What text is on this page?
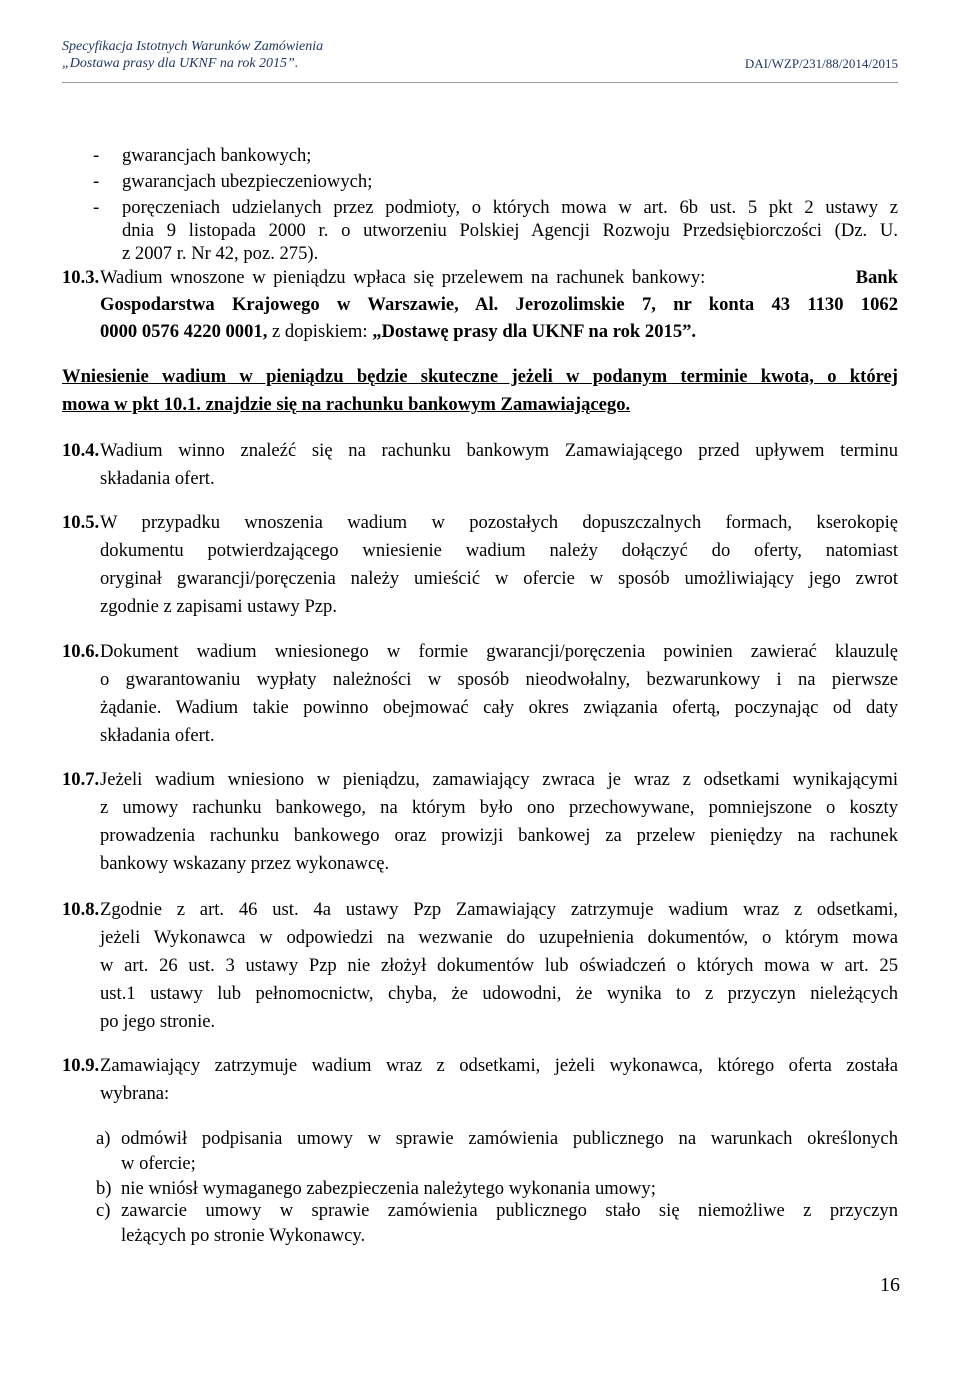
Specyfikacja Istotnych Warunków Zamówienia
„Dostawa prasy dla UKNF na rok 2015”.	DAI/WZP/231/88/2014/2015
-	gwarancjach bankowych;
-	gwarancjach ubezpieczeniowych;
-	poręczeniach udzielanych przez podmioty, o których mowa w art. 6b ust. 5 pkt 2 ustawy z
dnia 9 listopada 2000 r. o utworzeniu Polskiej Agencji Rozwoju Przedsiębiorczości (Dz. U.
z 2007 r. Nr 42, poz. 275).
10.3. Wadium wnoszone w pieniądzu wpłaca się przelewem na rachunek bankowy:	Bank
Gospodarstwa Krajowego w Warszawie, Al. Jerozolimskie 7, nr konta 43 1130 1062
0000 0576 4220 0001, z dopiskiem: „Dostawę prasy dla UKNF na rok 2015”.
Wniesienie wadium w pieniądzu będzie skuteczne jeżeli w podanym terminie kwota, o której
mowa w pkt 10.1. znajdzie się na rachunku bankowym Zamawiającego.
10.4. Wadium winno znaleźć się na rachunku bankowym Zamawiającego przed upływem terminu
składania ofert.
10.5. W przypadku wnoszenia wadium w pozostałych dopuszczalnych formach, kserokopię
dokumentu potwierdzającego wniesienie wadium należy dołączyć do oferty, natomiast
oryginał gwarancji/poręczenia należy umieścić w ofercie w sposób umożliwiający jego zwrot
zgodnie z zapisami ustawy Pzp.
10.6. Dokument wadium wniesionego w formie gwarancji/poręczenia powinien zawierać klauzulę
o gwarantowaniu wypłaty należności w sposób nieodwołalny, bezwarunkowy i na pierwsze
żądanie. Wadium takie powinno obejmować cały okres związania ofertą, poczynając od daty
składania ofert.
10.7. Jeżeli wadium wniesiono w pieniądzu, zamawiający zwraca je wraz z odsetkami wynikającymi
z umowy rachunku bankowego, na którym było ono przechowywane, pomniejszone o koszty
prowadzenia rachunku bankowego oraz prowizji bankowej za przelew pieniędzy na rachunek
bankowy wskazany przez wykonawcę.
10.8. Zgodnie z art. 46 ust. 4a ustawy Pzp Zamawiający zatrzymuje wadium wraz z odsetkami,
jeżeli Wykonawca w odpowiedzi na wezwanie do uzupełnienia dokumentów, o którym mowa
w art. 26 ust. 3 ustawy Pzp nie złożył dokumentów lub oświadczeń o których mowa w art. 25
ust.1 ustawy lub pełnomocnictw, chyba, że udowodni, że wynika to z przyczyn nieleżących
po jego stronie.
10.9. Zamawiający zatrzymuje wadium wraz z odsetkami, jeżeli wykonawca, którego oferta została
wybrana:
a) odmówił podpisania umowy w sprawie zamówienia publicznego na warunkach określonych
w ofercie;
b) nie wniósł wymaganego zabezpieczenia należytego wykonania umowy;
c) zawarcie umowy w sprawie zamówienia publicznego stało się niemożliwe z przyczyn
leżących po stronie Wykonawcy.
16
